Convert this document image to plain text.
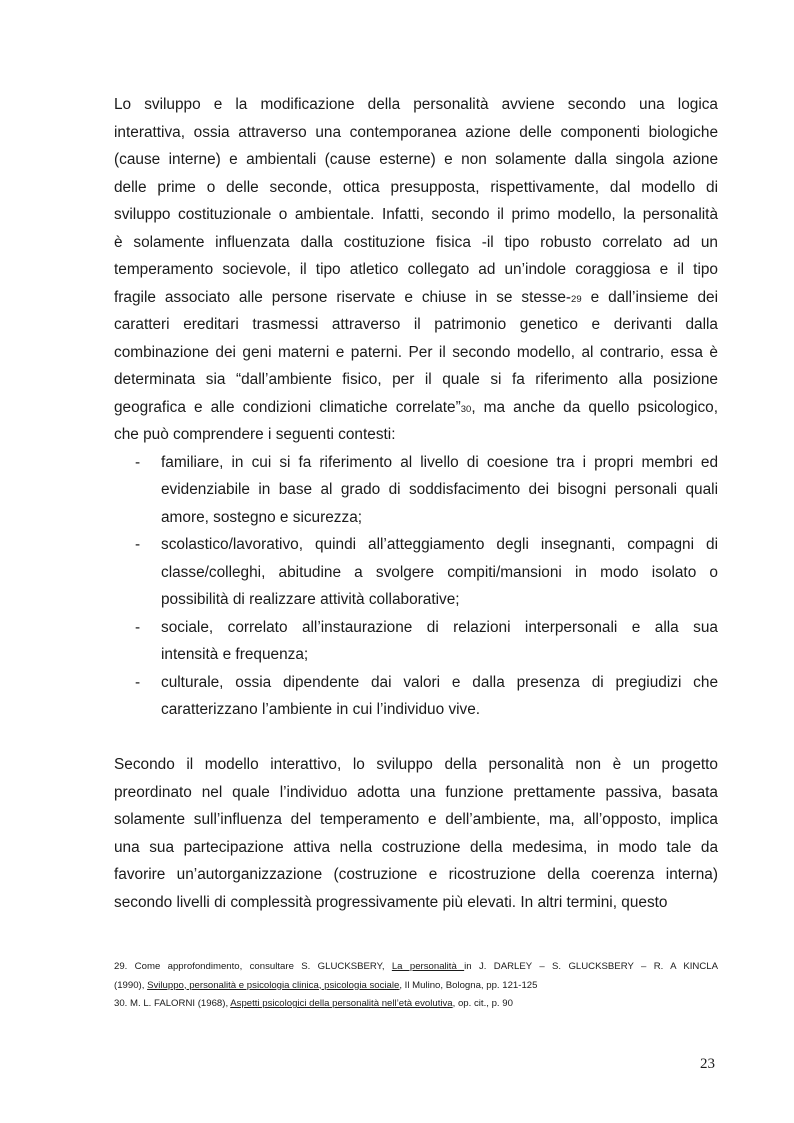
Lo sviluppo e la modificazione della personalità avviene secondo una logica
interattiva, ossia attraverso una contemporanea azione delle componenti biologiche
(cause interne) e ambientali (cause esterne) e non solamente dalla singola azione
delle prime o delle seconde, ottica presupposta, rispettivamente, dal modello di
sviluppo costituzionale o ambientale. Infatti, secondo il primo modello, la personalità
è solamente influenzata dalla costituzione fisica -il tipo robusto correlato ad un
temperamento socievole, il tipo atletico collegato ad un’indole coraggiosa e il tipo
fragile associato alle persone riservate e chiuse in se stesse-29 e dall’insieme dei
caratteri ereditari trasmessi attraverso il patrimonio genetico e derivanti dalla
combinazione dei geni materni e paterni. Per il secondo modello, al contrario, essa è
determinata sia “dall’ambiente fisico, per il quale si fa riferimento alla posizione
geografica e alle condizioni climatiche correlate”30, ma anche da quello psicologico,
che può comprendere i seguenti contesti:
- familiare, in cui si fa riferimento al livello di coesione tra i propri membri ed
evidenziabile in base al grado di soddisfacimento dei bisogni personali quali
amore, sostegno e sicurezza;
- scolastico/lavorativo, quindi all’atteggiamento degli insegnanti, compagni di
classe/colleghi, abitudine a svolgere compiti/mansioni in modo isolato o
possibilità di realizzare attività collaborative;
- sociale, correlato all’instaurazione di relazioni interpersonali e alla sua
intensità e frequenza;
- culturale, ossia dipendente dai valori e dalla presenza di pregiudizi che
caratterizzano l’ambiente in cui l’individuo vive.
Secondo il modello interattivo, lo sviluppo della personalità non è un progetto
preordinato nel quale l’individuo adotta una funzione prettamente passiva, basata
solamente sull’influenza del temperamento e dell’ambiente, ma, all’opposto, implica
una sua partecipazione attiva nella costruzione della medesima, in modo tale da
favorire un’autorganizzazione (costruzione e ricostruzione della coerenza interna)
secondo livelli di complessità progressivamente più elevati. In altri termini, questo
29. Come approfondimento, consultare S. GLUCKSBERY, La personalità in J. DARLEY – S. GLUCKSBERY – R. A KINCLA
(1990), Sviluppo, personalità e psicologia clinica, psicologia sociale, Il Mulino, Bologna, pp. 121-125
30. M. L. FALORNI (1968), Aspetti psicologici della personalità nell’età evolutiva, op. cit., p. 90
23
